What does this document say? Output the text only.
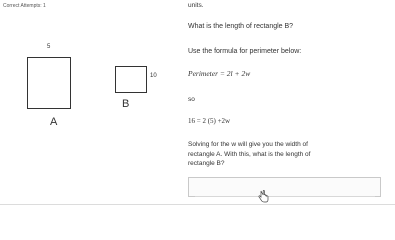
Correct Attempts: 1	units.
What is the length of rectangle B?
Use the formula for perimeter below:
Perimeter = 2l + 2w
so
16 = 2 (5) +2w
Solving for the w will give you the width of
rectangle A. With this, what is the length of
rectangle B?
5
A
10
B
